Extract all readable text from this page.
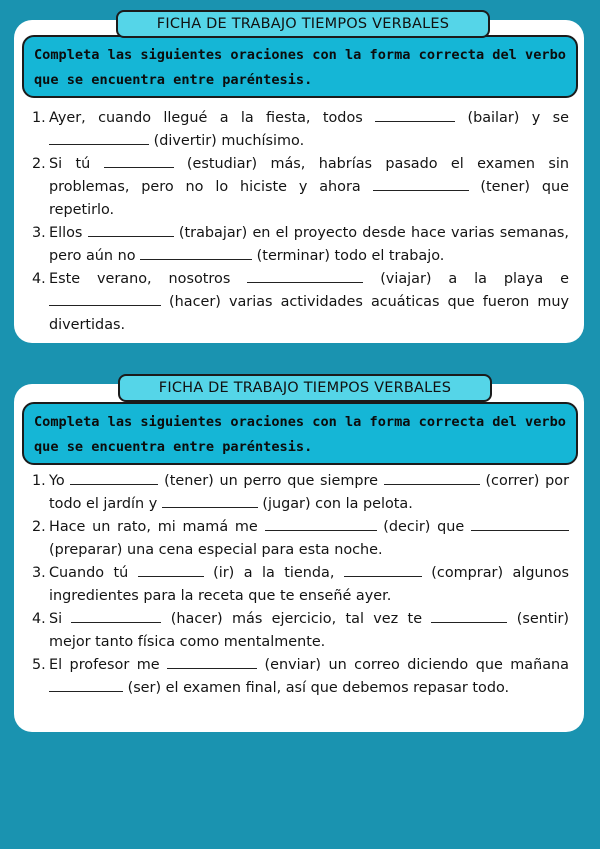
FICHA DE TRABAJO TIEMPOS VERBALES
Completa las siguientes oraciones con la forma correcta del verbo que se encuentra entre paréntesis.
1. Ayer, cuando llegué a la fiesta, todos	(bailar) y se  (divertir) muchísimo.
2. Si tú	(estudiar) más, habrías pasado el examen sin problemas, pero no lo hiciste y ahora	(tener) que repetirlo.
3. Ellos	(trabajar) en el proyecto desde hace varias semanas, pero aún no	(terminar) todo el trabajo.
4. Este verano, nosotros	(viajar) a la playa e  (hacer) varias actividades acuáticas que fueron muy divertidas.
FICHA DE TRABAJO TIEMPOS VERBALES
Completa las siguientes oraciones con la forma correcta del verbo que se encuentra entre paréntesis.
1. Yo	(tener) un perro que siempre	(correr) por todo el jardín y	(jugar) con la pelota.
2. Hace un rato, mi mamá me	(decir) que  (preparar) una cena especial para esta noche.
3. Cuando tú	(ir) a la tienda,	(comprar) algunos ingredientes para la receta que te enseñé ayer.
4. Si	(hacer) más ejercicio, tal vez te	(sentir) mejor tanto física como mentalmente.
5. El profesor me	(enviar) un correo diciendo que mañana  (ser) el examen final, así que debemos repasar todo.
